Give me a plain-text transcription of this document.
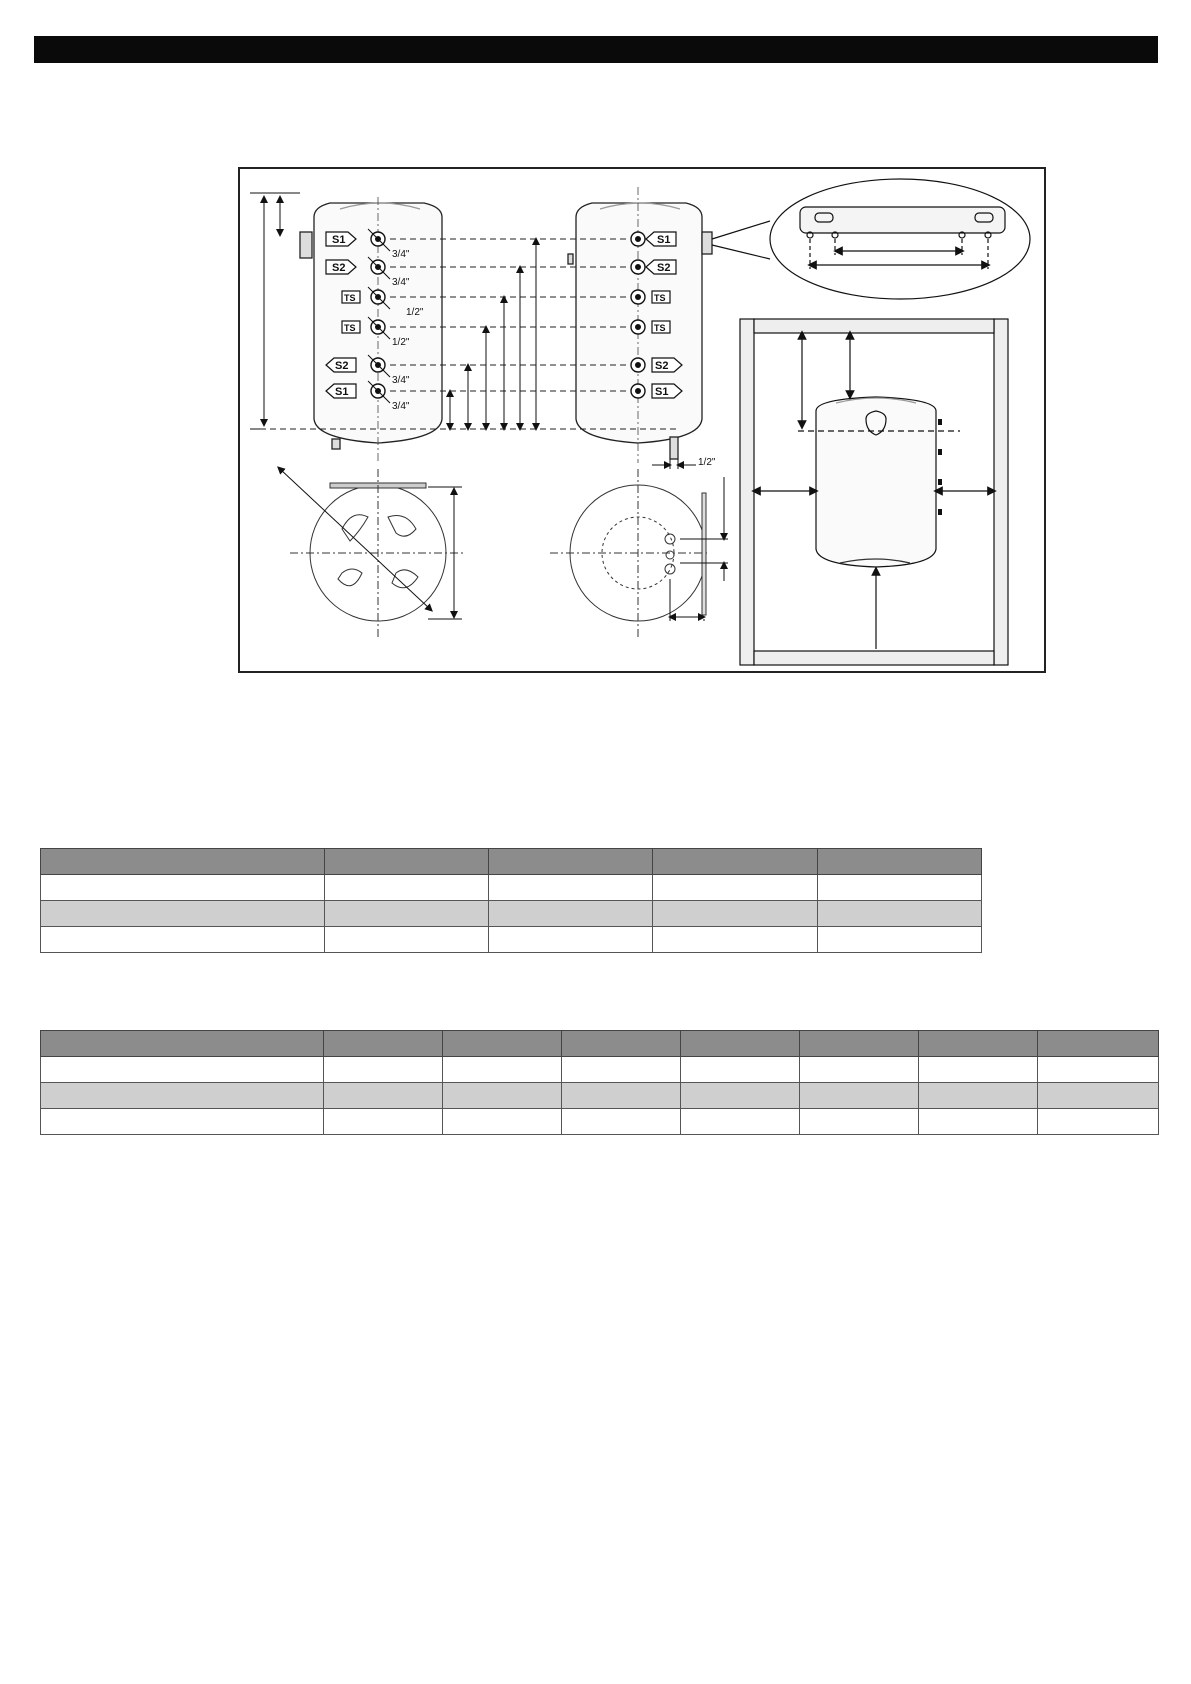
S1
S2
TS
TS
S2
S1
3/4"
3/4"
1/2"
1/2"
3/4"
3/4"
S1
S2
TS
TS
S2
S1
1/2"
